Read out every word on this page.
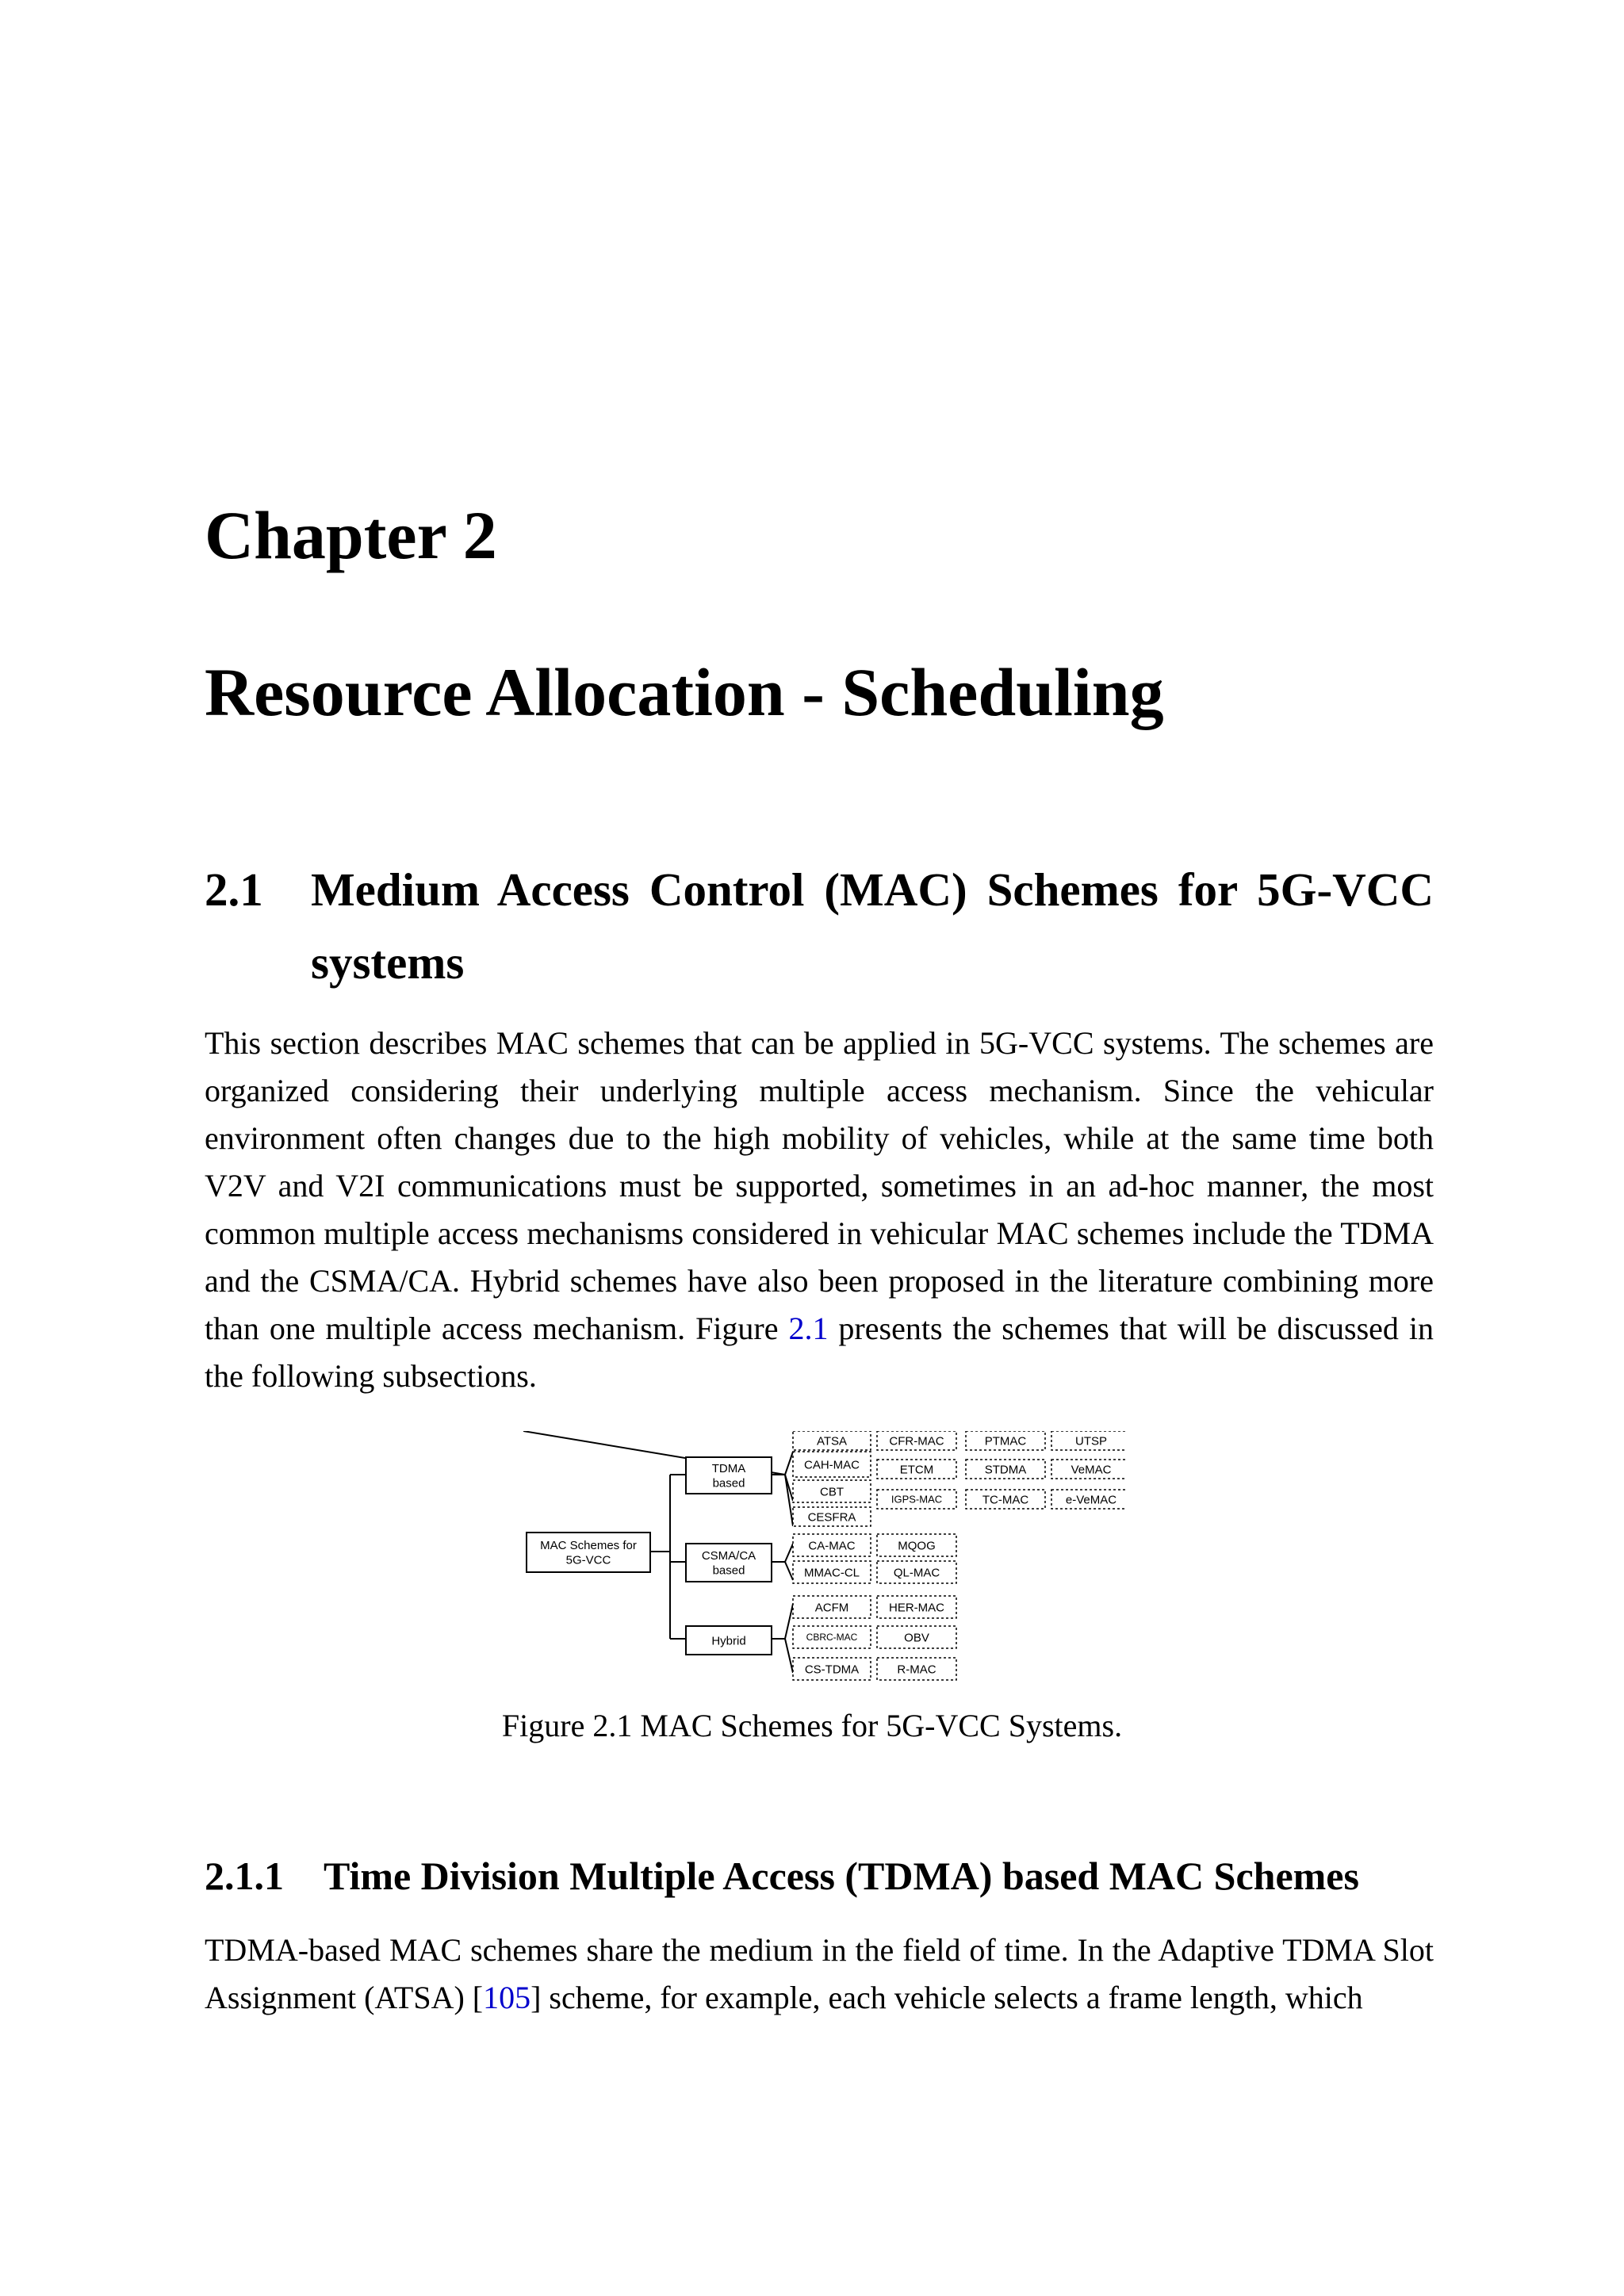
Chapter 2
Resource Allocation - Scheduling
2.1 Medium Access Control (MAC) Schemes for 5G-VCC systems
This section describes MAC schemes that can be applied in 5G-VCC systems. The schemes are organized considering their underlying multiple access mechanism. Since the vehicular environment often changes due to the high mobility of vehicles, while at the same time both V2V and V2I communications must be supported, sometimes in an ad-hoc manner, the most common multiple access mechanisms considered in vehicular MAC schemes include the TDMA and the CSMA/CA. Hybrid schemes have also been proposed in the literature combining more than one multiple access mechanism. Figure 2.1 presents the schemes that will be discussed in the following subsections.
MAC Schemes for
5G-VCC
TDMA
based
CSMA/CA
based
Hybrid
ATSA
CAH-MAC
CBT
CESFRA
CFR-MAC
ETCM
IGPS-MAC
PTMAC
STDMA
TC-MAC
UTSP
VeMAC
e-VeMAC
CA-MAC
MMAC-CL
MQOG
QL-MAC
ACFM
CBRC-MAC
CS-TDMA
HER-MAC
OBV
R-MAC
Figure 2.1 MAC Schemes for 5G-VCC Systems.
2.1.1 Time Division Multiple Access (TDMA) based MAC Schemes
TDMA-based MAC schemes share the medium in the field of time. In the Adaptive TDMA Slot Assignment (ATSA) [105] scheme, for example, each vehicle selects a frame length, which
